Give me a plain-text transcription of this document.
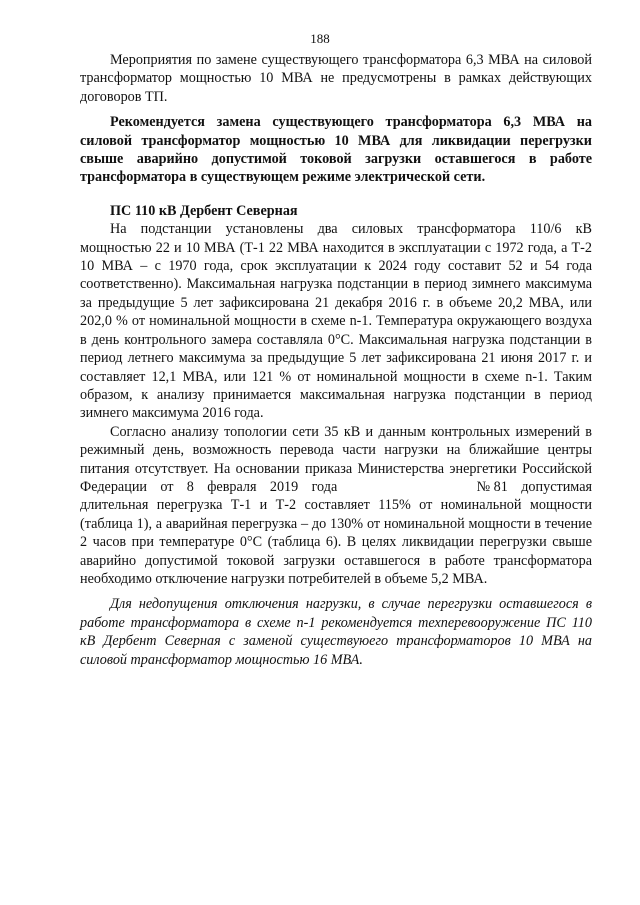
188

Мероприятия по замене существующего трансформатора 6,3 МВА на силовой трансформатор мощностью 10 МВА не предусмотрены в рамках действующих договоров ТП.

Рекомендуется замена существующего трансформатора 6,3 МВА на силовой трансформатор мощностью 10 МВА для ликвидации перегрузки свыше аварийно допустимой токовой загрузки оставшегося в работе трансформатора в существующем режиме электрической сети.

ПС 110 кВ Дербент Северная

На подстанции установлены два силовых трансформатора 110/6 кВ мощностью 22 и 10 МВА (Т-1 22 МВА находится в эксплуатации с 1972 года, а Т-2 10 МВА – с 1970 года, срок эксплуатации к 2024 году составит 52 и 54 года соответственно). Максимальная нагрузка подстанции в период зимнего максимума за предыдущие 5 лет зафиксирована 21 декабря 2016 г. в объеме 20,2 МВА, или 202,0 % от номинальной мощности в схеме n-1. Температура окружающего воздуха в день контрольного замера составляла 0°C. Максимальная нагрузка подстанции в период летнего максимума за предыдущие 5 лет зафиксирована 21 июня 2017 г. и составляет 12,1 МВА, или 121 % от номинальной мощности в схеме n-1. Таким образом, к анализу принимается максимальная нагрузка подстанции в период зимнего максимума 2016 года.

Согласно анализу топологии сети 35 кВ и данным контрольных измерений в режимный день, возможность перевода части нагрузки на ближайшие центры питания отсутствует. На основании приказа Министерства энергетики Российской Федерации от 8 февраля 2019 года	№ 81 допустимая длительная перегрузка Т-1 и Т-2 составляет 115% от номинальной мощности (таблица 1), а аварийная перегрузка – до 130% от номинальной мощности в течение 2 часов при температуре 0°C (таблица 6). В целях ликвидации перегрузки свыше аварийно допустимой токовой загрузки оставшегося в работе трансформатора необходимо отключение нагрузки потребителей в объеме 5,2 МВА.

Для недопущения отключения нагрузки, в случае перегрузки оставшегося в работе трансформатора в схеме n-1 рекомендуется техперевооружение ПС 110 кВ Дербент Северная с заменой существуюего трансформаторов 10 МВА на силовой трансформатор мощностью 16 МВА.
